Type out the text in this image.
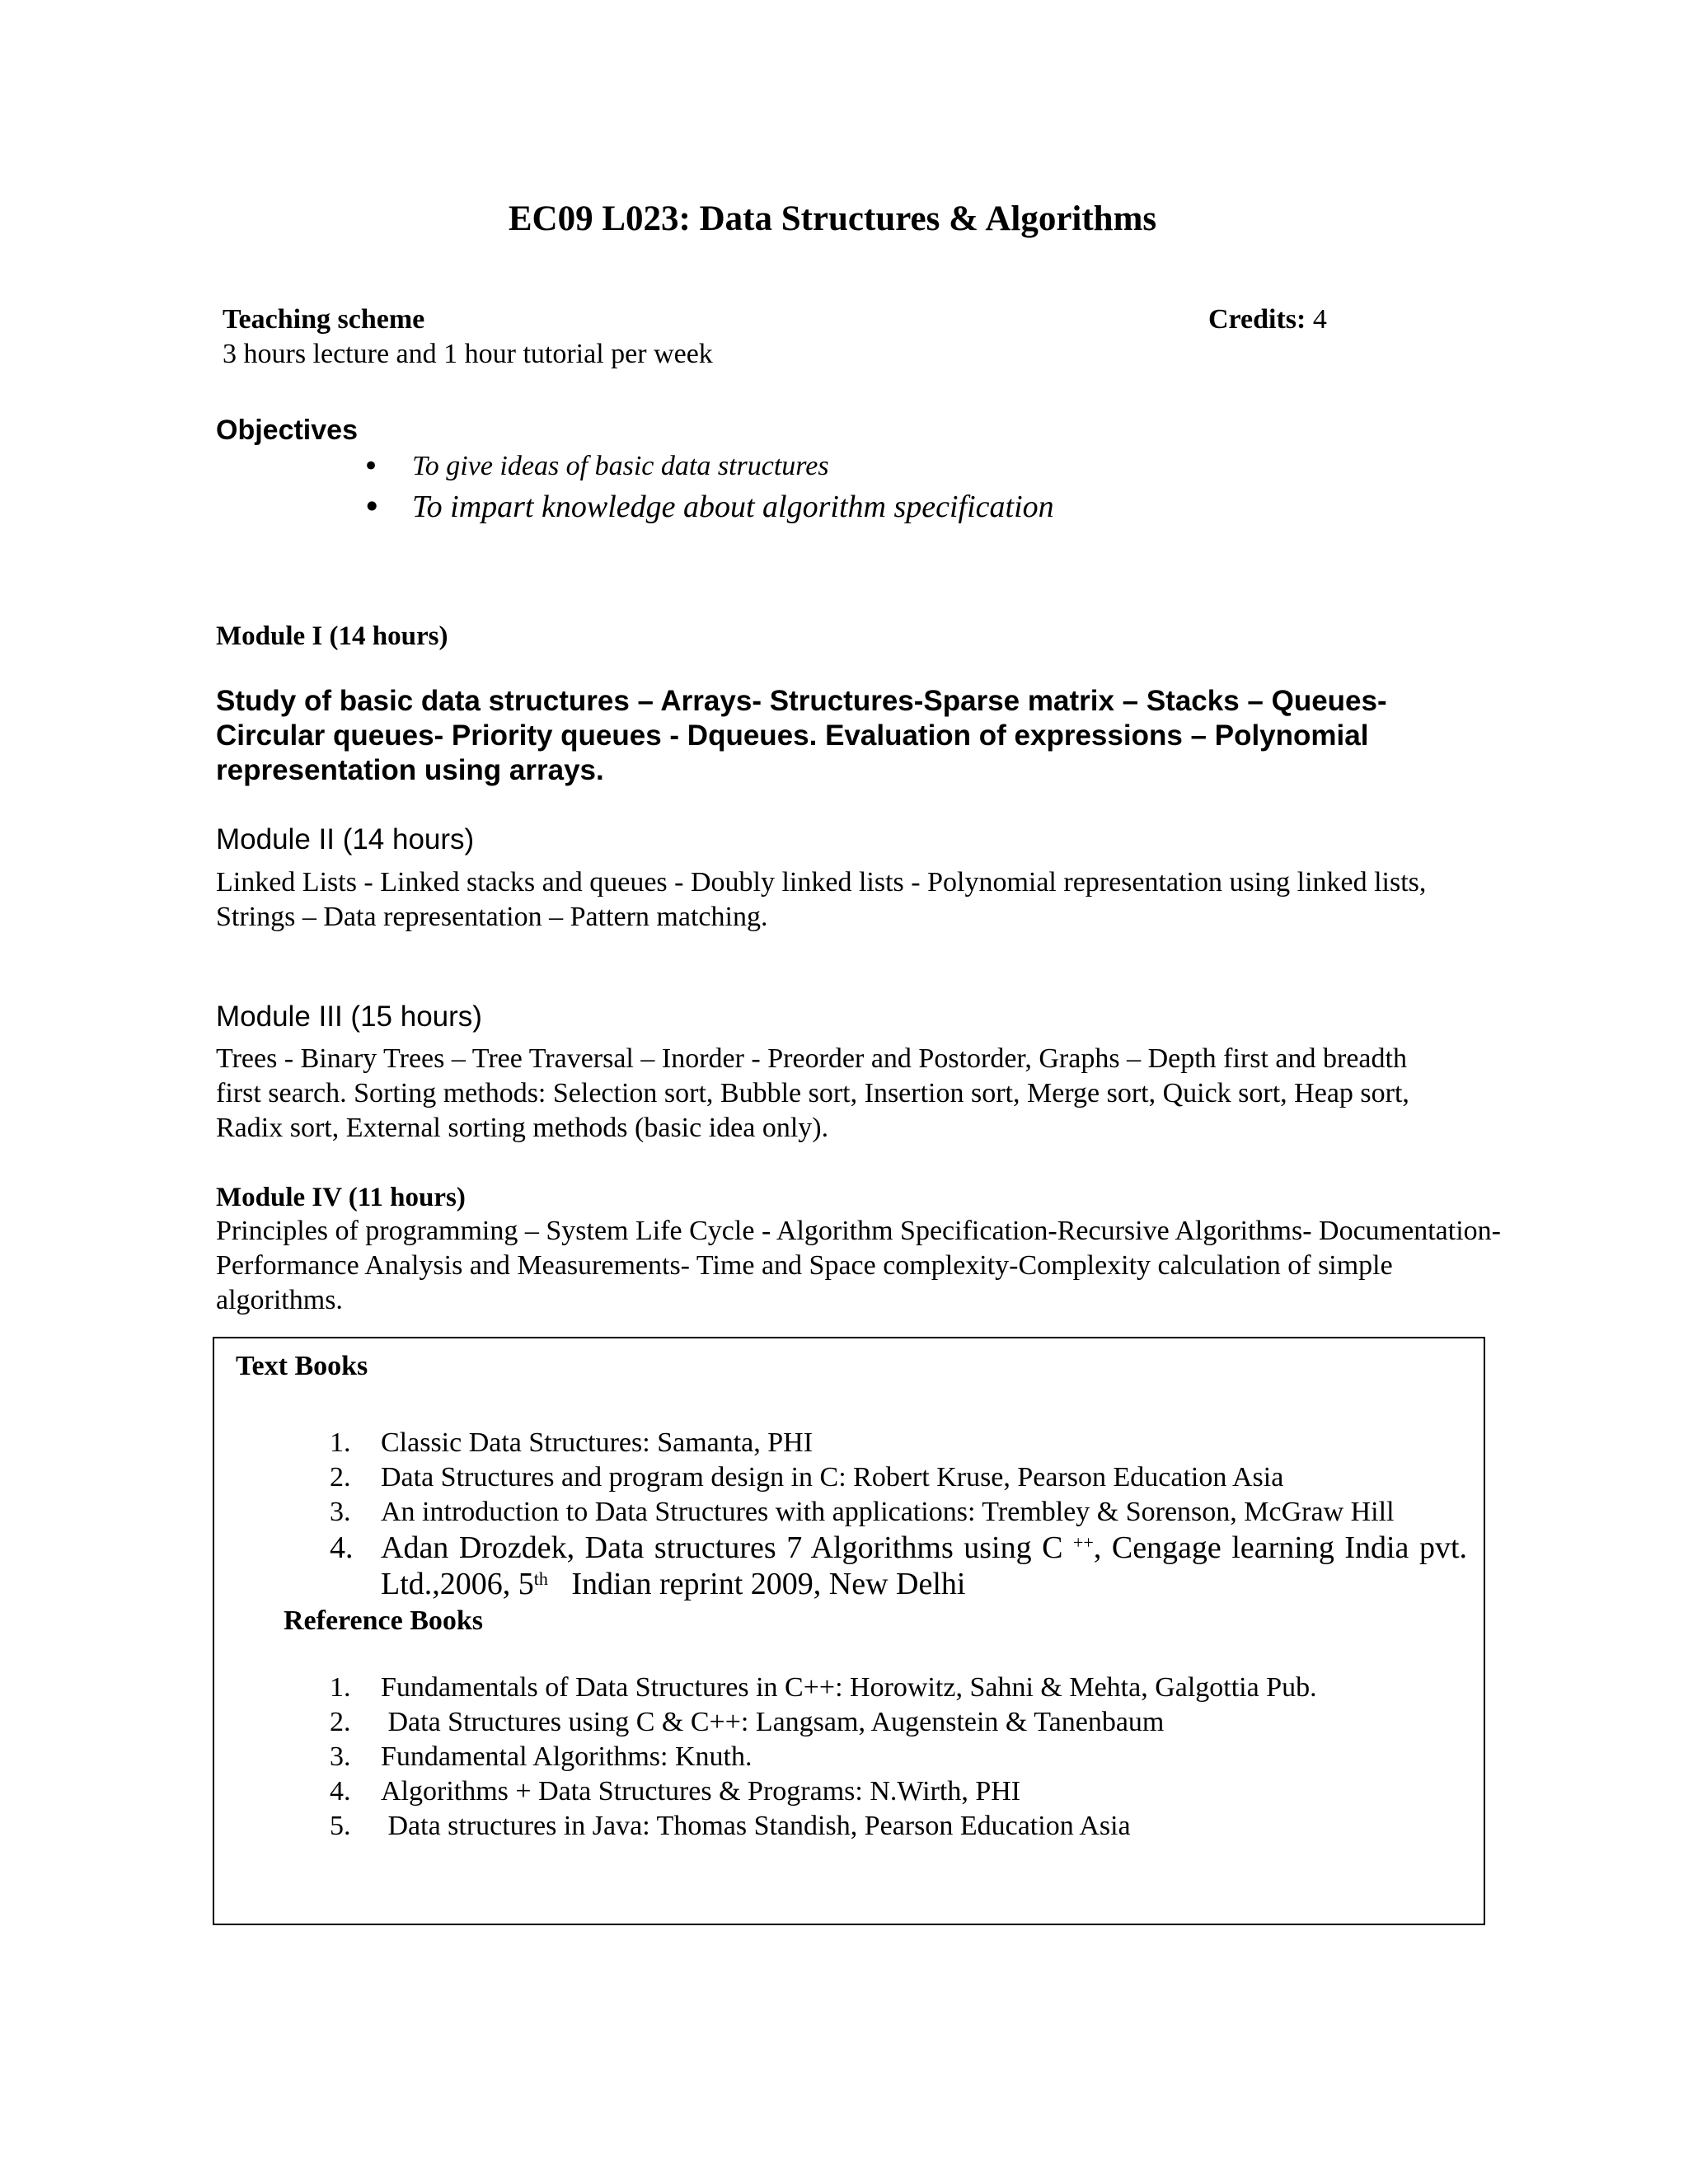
EC09 L023: Data Structures & Algorithms
Teaching scheme
3 hours lecture and 1 hour tutorial per week
Credits: 4
Objectives
• To give ideas of basic data structures
• To impart knowledge about algorithm specification
Module I (14 hours)
Study of basic data structures – Arrays- Structures-Sparse matrix – Stacks – Queues- Circular queues- Priority queues - Dqueues. Evaluation of expressions – Polynomial representation using arrays.
Module II (14 hours)
Linked Lists - Linked stacks and queues - Doubly linked lists - Polynomial representation using linked lists, Strings – Data representation – Pattern matching.
Module III (15 hours)
Trees - Binary Trees – Tree Traversal – Inorder - Preorder and Postorder, Graphs – Depth first and breadth first search. Sorting methods: Selection sort, Bubble sort, Insertion sort, Merge sort, Quick sort, Heap sort, Radix sort, External sorting methods (basic idea only).
Module IV (11 hours)
Principles of programming – System Life Cycle - Algorithm Specification-Recursive Algorithms- Documentation- Performance Analysis and Measurements- Time and Space complexity-Complexity calculation of simple algorithms.
Text Books
1. Classic Data Structures: Samanta, PHI
2. Data Structures and program design in C: Robert Kruse, Pearson Education Asia
3. An introduction to Data Structures with applications: Trembley & Sorenson, McGraw Hill
4. Adan Drozdek, Data structures 7 Algorithms using C ++, Cengage learning India pvt. Ltd.,2006, 5th   Indian reprint 2009, New Delhi
Reference Books
1. Fundamentals of Data Structures in C++: Horowitz, Sahni & Mehta, Galgottia Pub.
2. Data Structures using C & C++: Langsam, Augenstein & Tanenbaum
3. Fundamental Algorithms: Knuth.
4. Algorithms + Data Structures & Programs: N.Wirth, PHI
5. Data structures in Java: Thomas Standish, Pearson Education Asia
